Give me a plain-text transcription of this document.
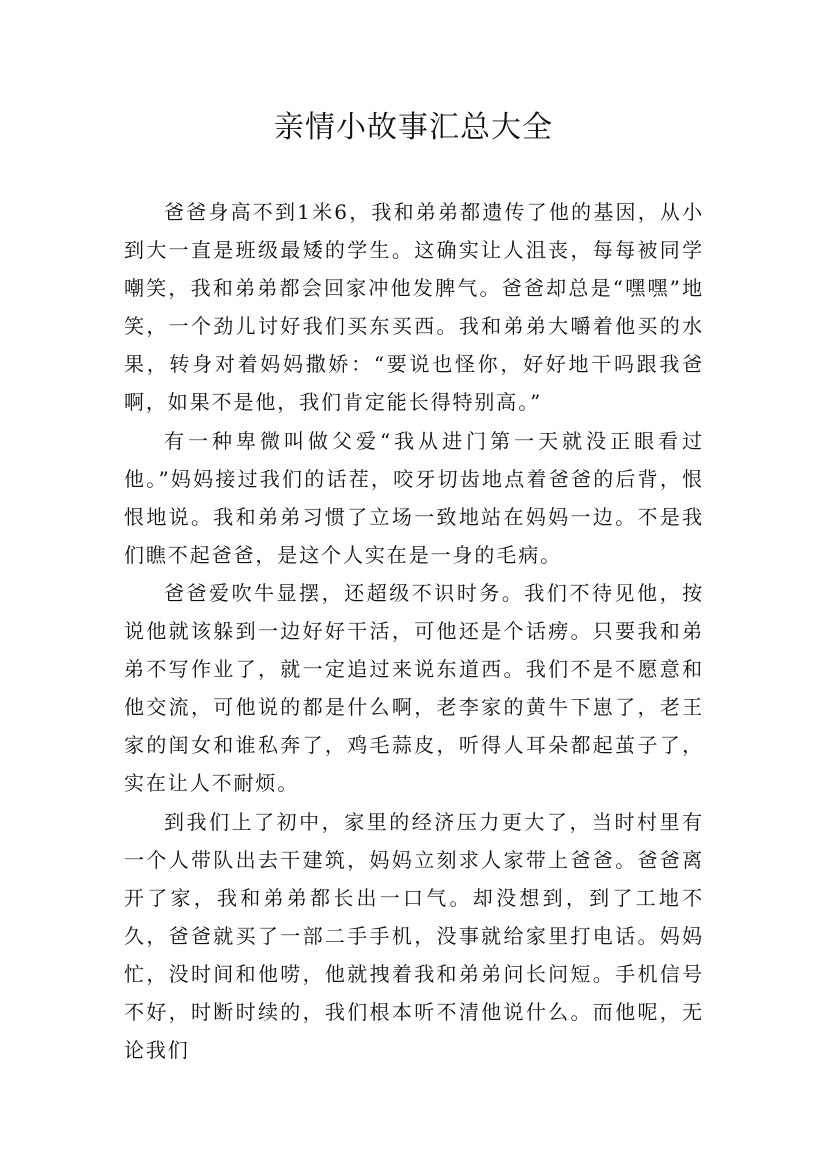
亲情小故事汇总大全

爸爸身高不到1米6，我和弟弟都遗传了他的基因，从小到大一直是班级最矮的学生。这确实让人沮丧，每每被同学嘲笑，我和弟弟都会回家冲他发脾气。爸爸却总是“嘿嘿”地笑，一个劲儿讨好我们买东买西。我和弟弟大嚼着他买的水果，转身对着妈妈撒娇：“要说也怪你，好好地干吗跟我爸啊，如果不是他，我们肯定能长得特别高。”

有一种卑微叫做父爱“我从进门第一天就没正眼看过他。”妈妈接过我们的话茬，咬牙切齿地点着爸爸的后背，恨恨地说。我和弟弟习惯了立场一致地站在妈妈一边。不是我们瞧不起爸爸，是这个人实在是一身的毛病。

爸爸爱吹牛显摆，还超级不识时务。我们不待见他，按说他就该躲到一边好好干活，可他还是个话痨。只要我和弟弟不写作业了，就一定追过来说东道西。我们不是不愿意和他交流，可他说的都是什么啊，老李家的黄牛下崽了，老王家的闺女和谁私奔了，鸡毛蒜皮，听得人耳朵都起茧子了，实在让人不耐烦。

到我们上了初中，家里的经济压力更大了，当时村里有一个人带队出去干建筑，妈妈立刻求人家带上爸爸。爸爸离开了家，我和弟弟都长出一口气。却没想到，到了工地不久，爸爸就买了一部二手手机，没事就给家里打电话。妈妈忙，没时间和他唠，他就拽着我和弟弟问长问短。手机信号不好，时断时续的，我们根本听不清他说什么。而他呢，无论我们
